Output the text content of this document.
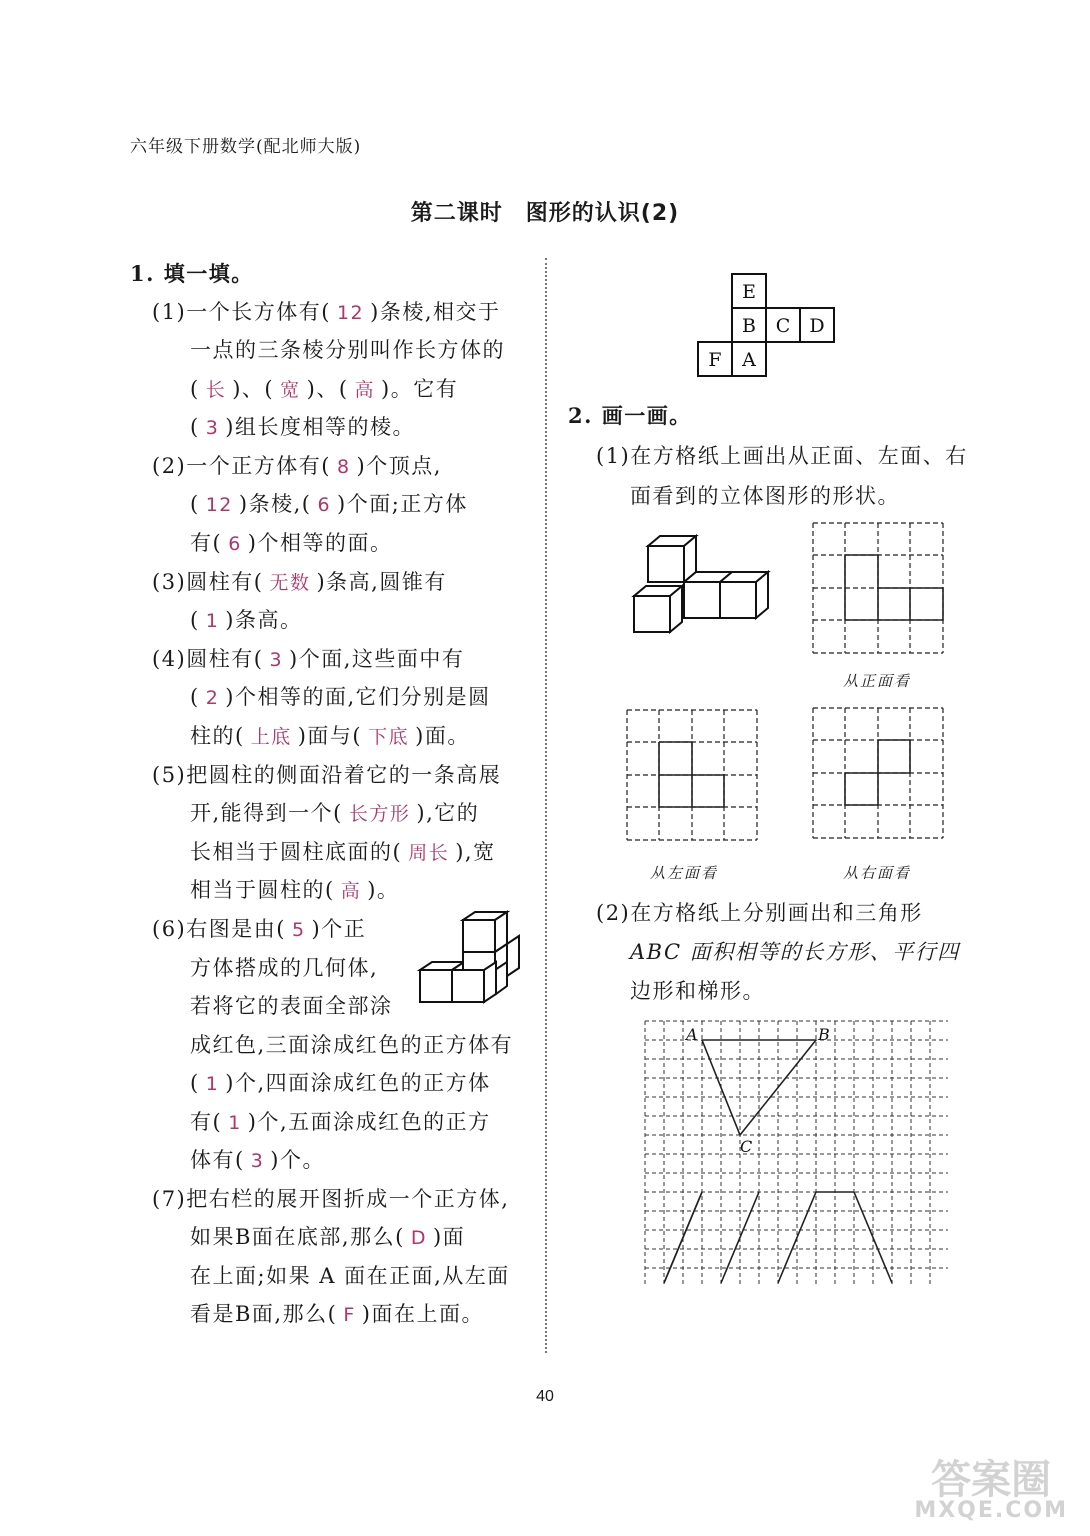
六年级下册数学(配北师大版)
第二课时　图形的认识(2)
1. 填一填。
(1)一个长方体有( 12 )条棱,相交于
一点的三条棱分别叫作长方体的
( 长 )、( 宽 )、( 高 )。它有
( 3 )组长度相等的棱。
(2)一个正方体有( 8 )个顶点,
( 12 )条棱,( 6 )个面;正方体
有( 6 )个相等的面。
(3)圆柱有( 无数 )条高,圆锥有
( 1 )条高。
(4)圆柱有( 3 )个面,这些面中有
( 2 )个相等的面,它们分别是圆
柱的( 上底 )面与( 下底 )面。
(5)把圆柱的侧面沿着它的一条高展
开,能得到一个( 长方形 ),它的
长相当于圆柱底面的( 周长 ),宽
相当于圆柱的( 高 )。
(6)右图是由( 5 )个正
方体搭成的几何体,
若将它的表面全部涂
成红色,三面涂成红色的正方体有
( 1 )个,四面涂成红色的正方体
有( 1 )个,五面涂成红色的正方
体有( 3 )个。
(7)把右栏的展开图折成一个正方体,
如果B面在底部,那么( D )面
在上面;如果 A 面在正面,从左面
看是B面,那么( F )面在上面。
E
B C D
F A
2. 画一画。
(1)在方格纸上画出从正面、左面、右
面看到的立体图形的形状。
从正面看
从左面看	从右面看
(2)在方格纸上分别画出和三角形
ABC 面积相等的长方形、平行四
边形和梯形。
A	B
C
40
答案圈
MXQE.COM
